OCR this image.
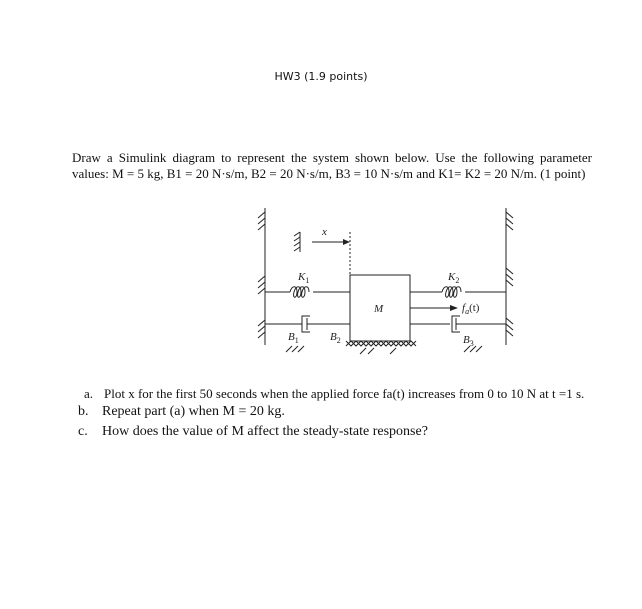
HW3 (1.9 points)
Draw a Simulink diagram to represent the system shown below. Use the following parameter
values: M = 5 kg, B1 = 20 N·s/m, B2 = 20 N·s/m, B3 = 10 N·s/m and K1= K2 = 20 N/m. (1 point)
x
M
$K_1$	$K_2$
$f_a(t)$
$B_1$	$B_3$
$B_2$
a. Plot x for the first 50 seconds when the applied force fa(t) increases from 0 to 10 N at t =1 s.
b. Repeat part (a) when M = 20 kg.
c. How does the value of M affect the steady-state response?
